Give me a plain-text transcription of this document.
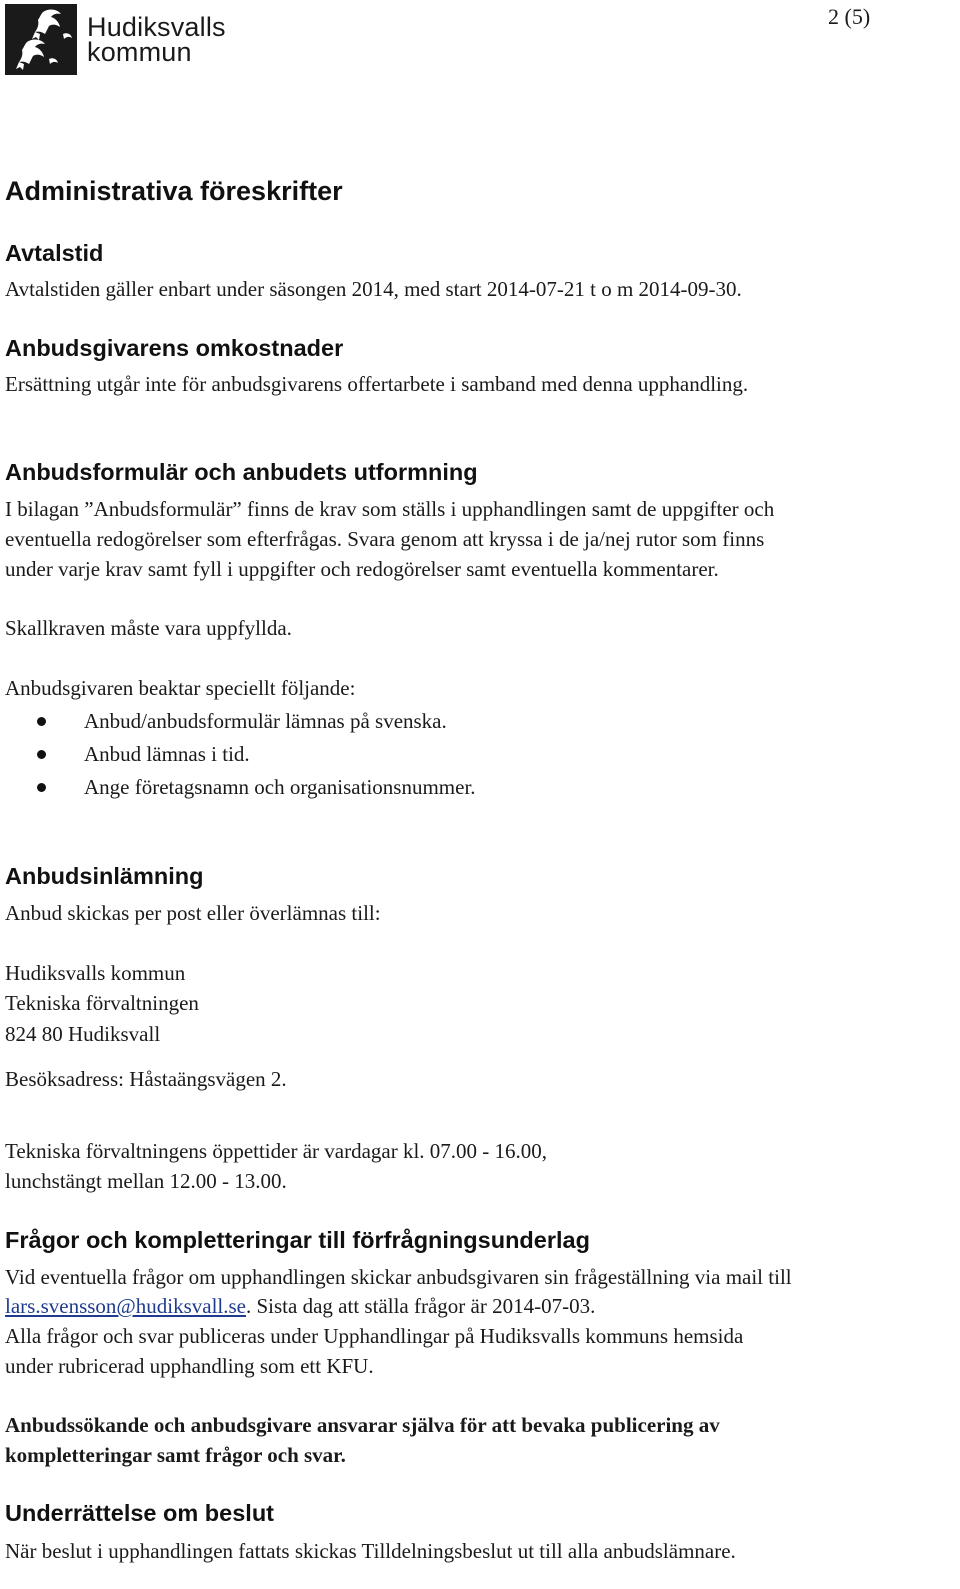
Hudiksvalls
kommun
2 (5)
Administrativa föreskrifter
Avtalstid
Avtalstiden gäller enbart under säsongen 2014, med start 2014-07-21 t o m 2014-09-30.
Anbudsgivarens omkostnader
Ersättning utgår inte för anbudsgivarens offertarbete i samband med denna upphandling.
Anbudsformulär och anbudets utformning
I bilagan ”Anbudsformulär” finns de krav som ställs i upphandlingen samt de uppgifter och
eventuella redogörelser som efterfrågas. Svara genom att kryssa i de ja/nej rutor som finns
under varje krav samt fyll i uppgifter och redogörelser samt eventuella kommentarer.
Skallkraven måste vara uppfyllda.
Anbudsgivaren beaktar speciellt följande:
Anbud/anbudsformulär lämnas på svenska.
Anbud lämnas i tid.
Ange företagsnamn och organisationsnummer.
Anbudsinlämning
Anbud skickas per post eller överlämnas till:
Hudiksvalls kommun
Tekniska förvaltningen
824 80 Hudiksvall
Besöksadress: Håstaängsvägen 2.
Tekniska förvaltningens öppettider är vardagar kl. 07.00 - 16.00,
lunchstängt mellan 12.00 - 13.00.
Frågor och kompletteringar till förfrågningsunderlag
Vid eventuella frågor om upphandlingen skickar anbudsgivaren sin frågeställning via mail till
lars.svensson@hudiksvall.se. Sista dag att ställa frågor är 2014-07-03.
Alla frågor och svar publiceras under Upphandlingar på Hudiksvalls kommuns hemsida
under rubricerad upphandling som ett KFU.
Anbudssökande och anbudsgivare ansvarar själva för att bevaka publicering av
kompletteringar samt frågor och svar.
Underrättelse om beslut
När beslut i upphandlingen fattats skickas Tilldelningsbeslut ut till alla anbudslämnare.
